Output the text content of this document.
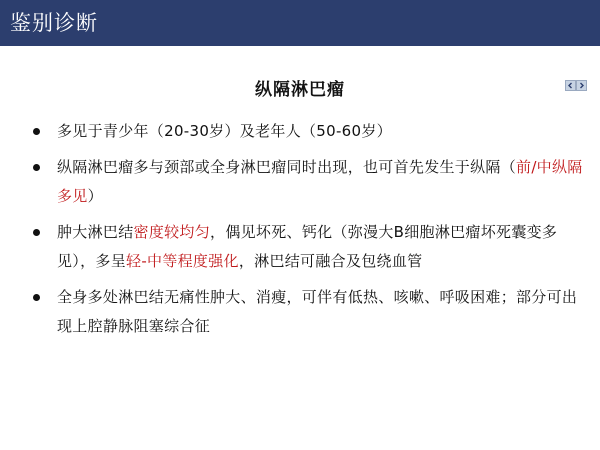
鉴别诊断
纵隔淋巴瘤
多见于青少年（20-30岁）及老年人（50-60岁）
纵隔淋巴瘤多与颈部或全身淋巴瘤同时出现，也可首先发生于纵隔（前/中纵隔多见）
肿大淋巴结密度较均匀，偶见坏死、钙化（弥漫大B细胞淋巴瘤坏死囊变多见），多呈轻-中等程度强化，淋巴结可融合及包绕血管
全身多处淋巴结无痛性肿大、消瘦，可伴有低热、咳嗽、呼吸困难；部分可出现上腔静脉阻塞综合征
